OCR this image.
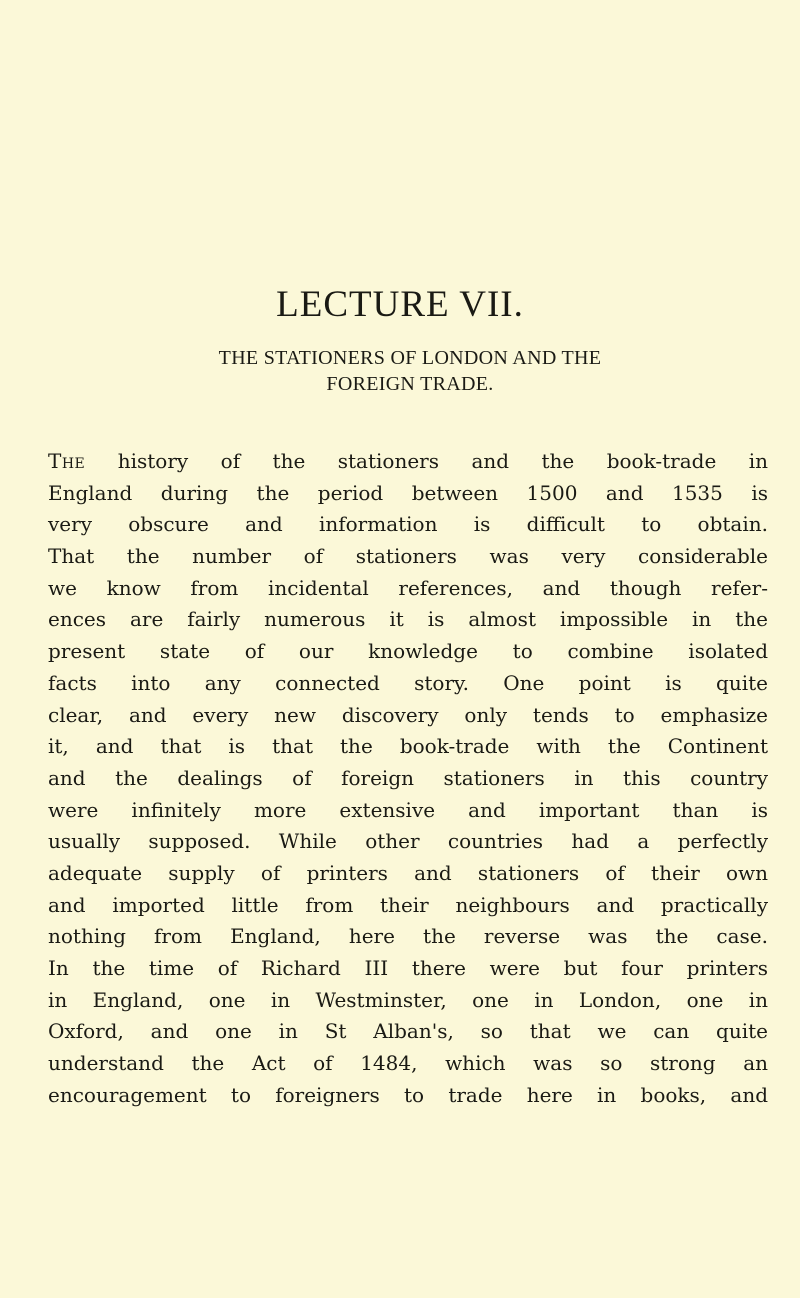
LECTURE VII.
THE STATIONERS OF LONDON AND THE
FOREIGN TRADE.
The history of the stationers and the book-trade in
England during the period between 1500 and 1535 is
very obscure and information is difficult to obtain.
That the number of stationers was very considerable
we know from incidental references, and though refer-
ences are fairly numerous it is almost impossible in the
present state of our knowledge to combine isolated
facts into any connected story. One point is quite
clear, and every new discovery only tends to emphasize
it, and that is that the book-trade with the Continent
and the dealings of foreign stationers in this country
were infinitely more extensive and important than is
usually supposed. While other countries had a perfectly
adequate supply of printers and stationers of their own
and imported little from their neighbours and practically
nothing from England, here the reverse was the case.
In the time of Richard III there were but four printers
in England, one in Westminster, one in London, one in
Oxford, and one in St Alban's, so that we can quite
understand the Act of 1484, which was so strong an
encouragement to foreigners to trade here in books, and
